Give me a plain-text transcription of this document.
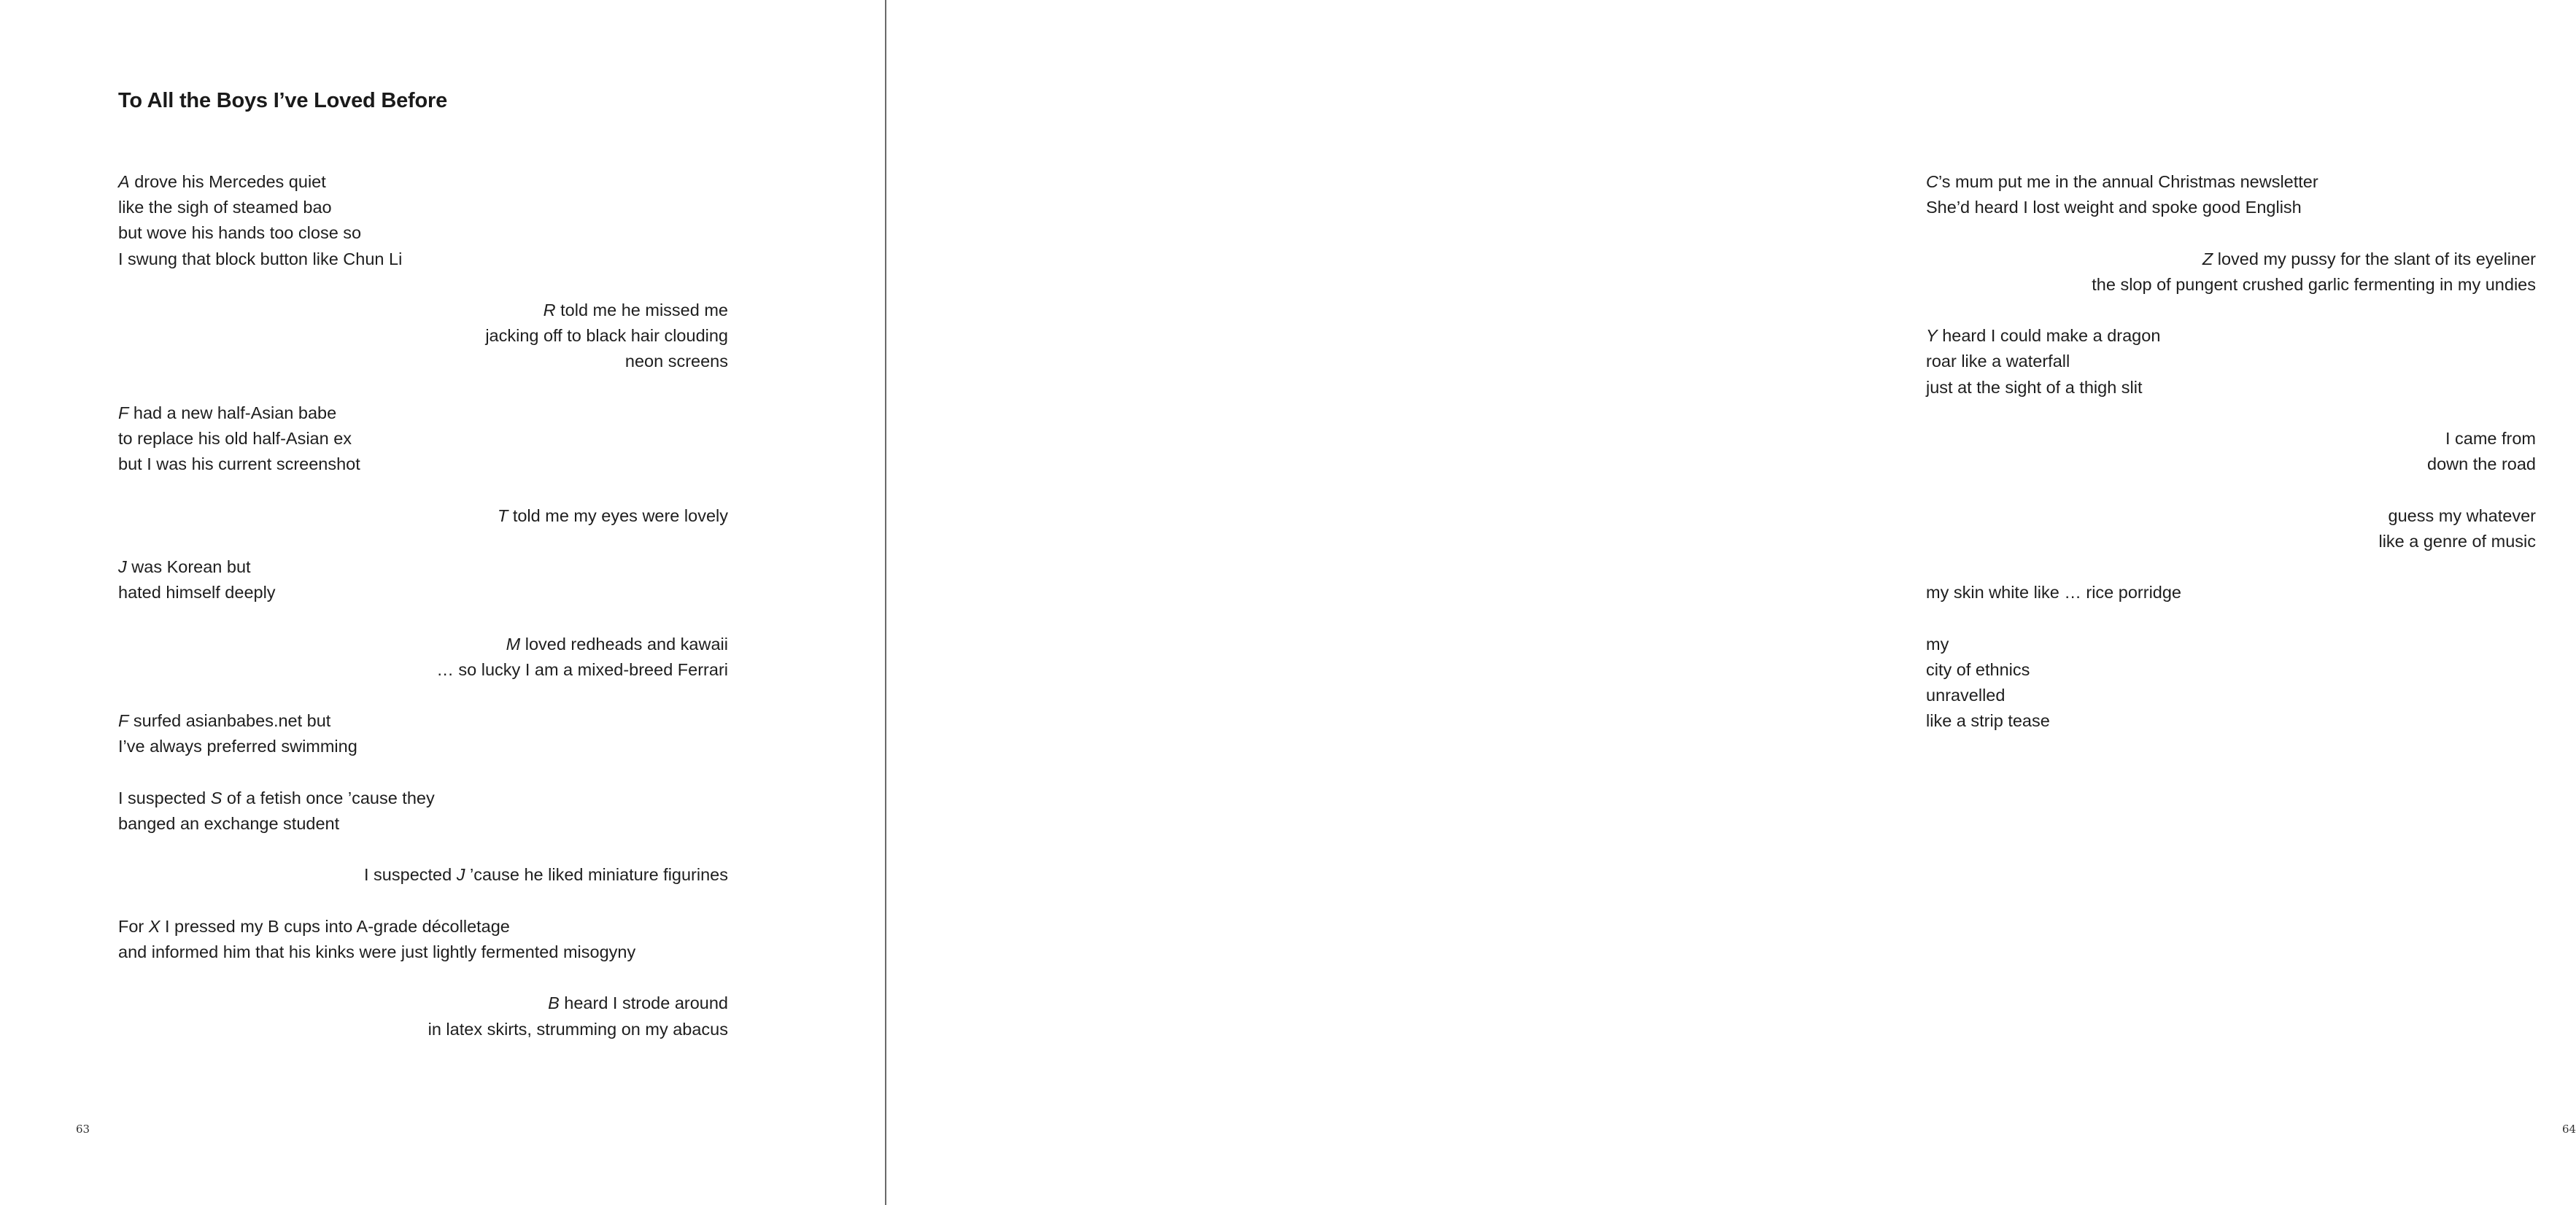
To All the Boys I’ve Loved Before
A drove his Mercedes quiet
like the sigh of steamed bao
but wove his hands too close so
I swung that block button like Chun Li
R told me he missed me
jacking off to black hair clouding
neon screens
F had a new half-Asian babe
to replace his old half-Asian ex
but I was his current screenshot
T told me my eyes were lovely
J was Korean but
hated himself deeply
M loved redheads and kawaii
… so lucky I am a mixed-breed Ferrari
F surfed asianbabes.net but
I’ve always preferred swimming
I suspected S of a fetish once ’cause they
banged an exchange student
I suspected J ’cause he liked miniature figurines
For X I pressed my B cups into A-grade décolletage
and informed him that his kinks were just lightly fermented misogyny
B heard I strode around
in latex skirts, strumming on my abacus
63
C’s mum put me in the annual Christmas newsletter
She’d heard I lost weight and spoke good English
Z loved my pussy for the slant of its eyeliner
the slop of pungent crushed garlic fermenting in my undies
Y heard I could make a dragon
roar like a waterfall
just at the sight of a thigh slit
I came from
down the road
guess my whatever
like a genre of music
my skin white like … rice porridge
my
city of ethnics
unravelled
like a strip tease
64
